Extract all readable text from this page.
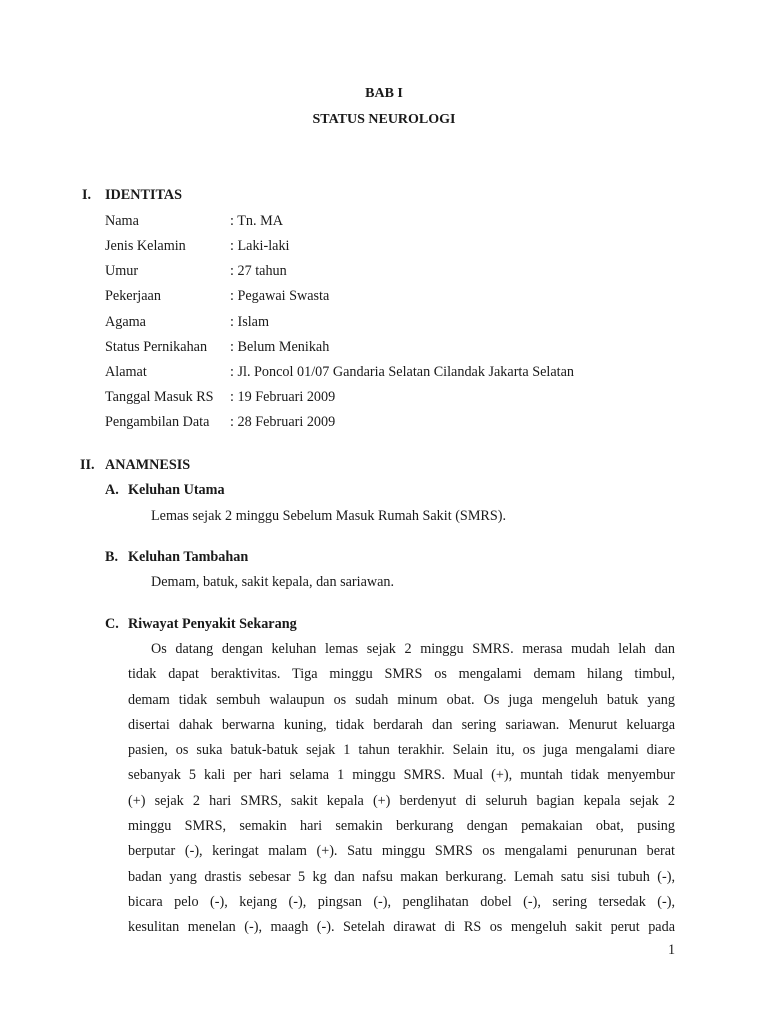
BAB I
STATUS NEUROLOGI
I. IDENTITAS
Nama	: Tn. MA
Jenis Kelamin	: Laki-laki
Umur	: 27 tahun
Pekerjaan	: Pegawai Swasta
Agama	: Islam
Status Pernikahan : Belum Menikah
Alamat	: Jl. Poncol 01/07 Gandaria Selatan Cilandak Jakarta Selatan
Tanggal Masuk RS : 19 Februari 2009
Pengambilan Data : 28 Februari 2009
II. ANAMNESIS
A. Keluhan Utama
Lemas sejak 2 minggu Sebelum Masuk Rumah Sakit (SMRS).
B. Keluhan Tambahan
Demam, batuk, sakit kepala, dan sariawan.
C. Riwayat Penyakit Sekarang
Os datang dengan keluhan lemas sejak 2 minggu SMRS. merasa mudah lelah dan
tidak dapat beraktivitas. Tiga minggu SMRS os mengalami demam hilang timbul,
demam tidak sembuh walaupun os sudah minum obat. Os juga mengeluh batuk yang
disertai dahak berwarna kuning, tidak berdarah dan sering sariawan. Menurut keluarga
pasien, os suka batuk-batuk sejak 1 tahun terakhir. Selain itu, os juga mengalami diare
sebanyak 5 kali per hari selama 1 minggu SMRS. Mual (+), muntah tidak menyembur
(+) sejak 2 hari SMRS, sakit kepala (+) berdenyut di seluruh bagian kepala sejak 2
minggu SMRS, semakin hari semakin berkurang dengan pemakaian obat, pusing
berputar (-), keringat malam (+). Satu minggu SMRS os mengalami penurunan berat
badan yang drastis sebesar 5 kg dan nafsu makan berkurang. Lemah satu sisi tubuh (-),
bicara pelo (-), kejang (-), pingsan (-), penglihatan dobel (-), sering tersedak (-),
kesulitan menelan (-), maagh (-). Setelah dirawat di RS os mengeluh sakit perut pada
1
